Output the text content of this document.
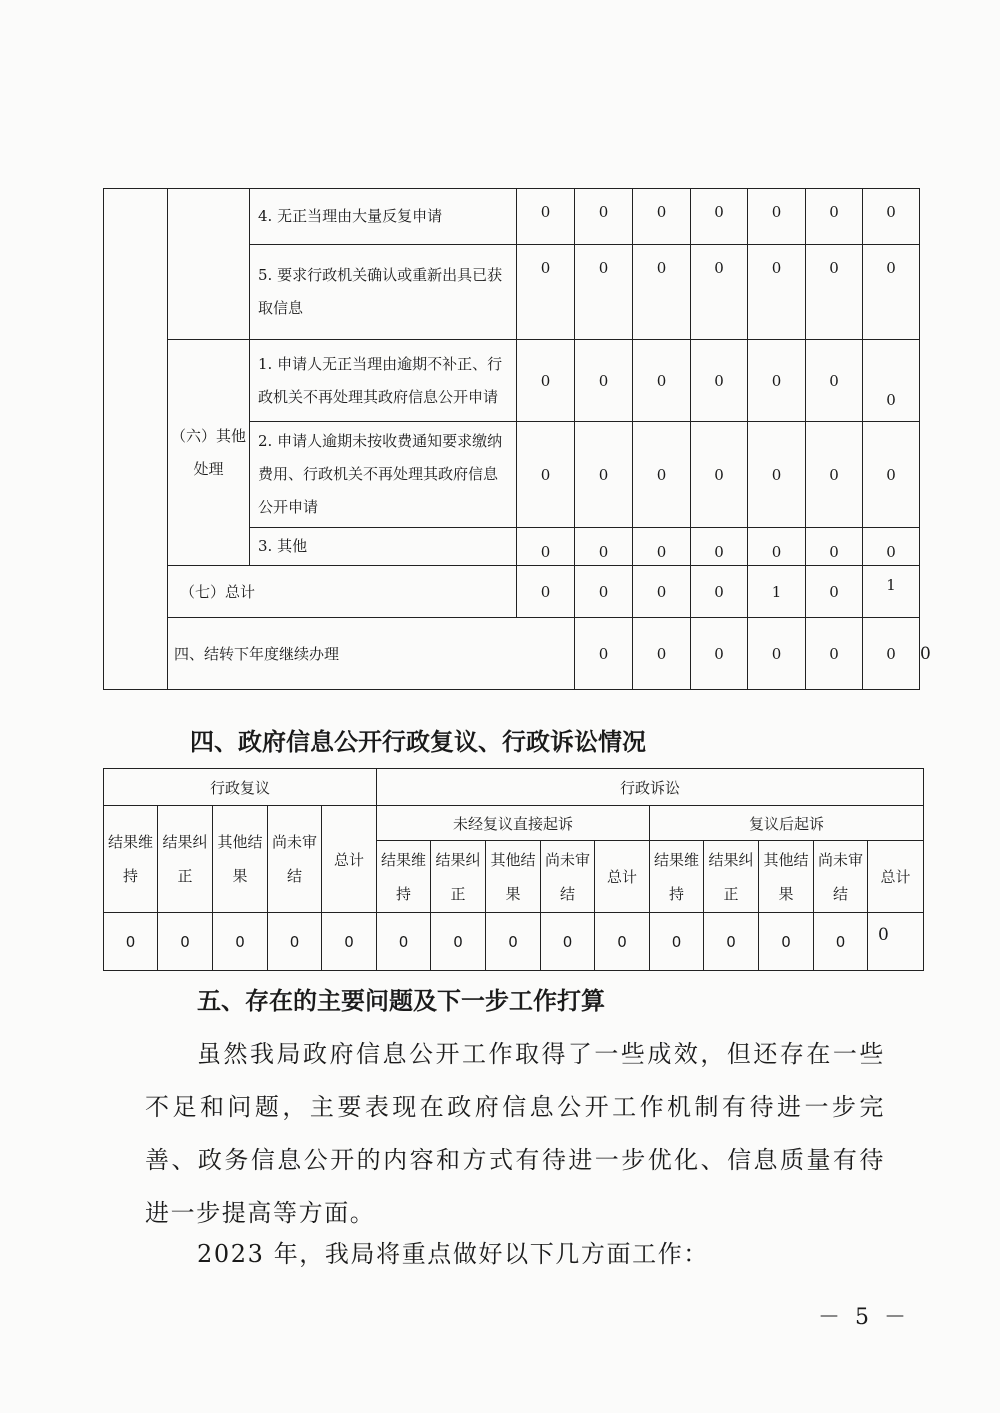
		4. 无正当理由大量反复申请	0	0	0	0	0	0	0	
		5. 要求行政机关确认或重新出具已获取信息	0	0	0	0	0	0	0	
	（六）其他处理	1. 申请人无正当理由逾期不补正、行政机关不再处理其政府信息公开申请	0	0	0	0	0	0	0	
		2. 申请人逾期未按收费通知要求缴纳费用、行政机关不再处理其政府信息公开申请	0	0	0	0	0	0	0	
		3. 其他	0	0	0	0	0	0	0	
	（七）总计		0	0	0	0	1	0	1	
	四、结转下年度继续办理			0	0	0	0	0	0	0
四、政府信息公开行政复议、行政诉讼情况
行政复议					行政诉讼									
结果维持	结果纠正	其他结果	尚未审结	总计	未经复议直接起诉					复议后起诉				
					结果维持	结果纠正	其他结果	尚未审结	总计	结果维持	结果纠正	其他结果	尚未审结	总计
0	0	0	0	0	0	0	0	0	0	0	0	0	0	0
五、存在的主要问题及下一步工作打算

虽然我局政府信息公开工作取得了一些成效，但还存在一些不足和问题，主要表现在政府信息公开工作机制有待进一步完善、政务信息公开的内容和方式有待进一步优化、信息质量有待进一步提高等方面。

2023 年，我局将重点做好以下几方面工作：

－ 5 －
